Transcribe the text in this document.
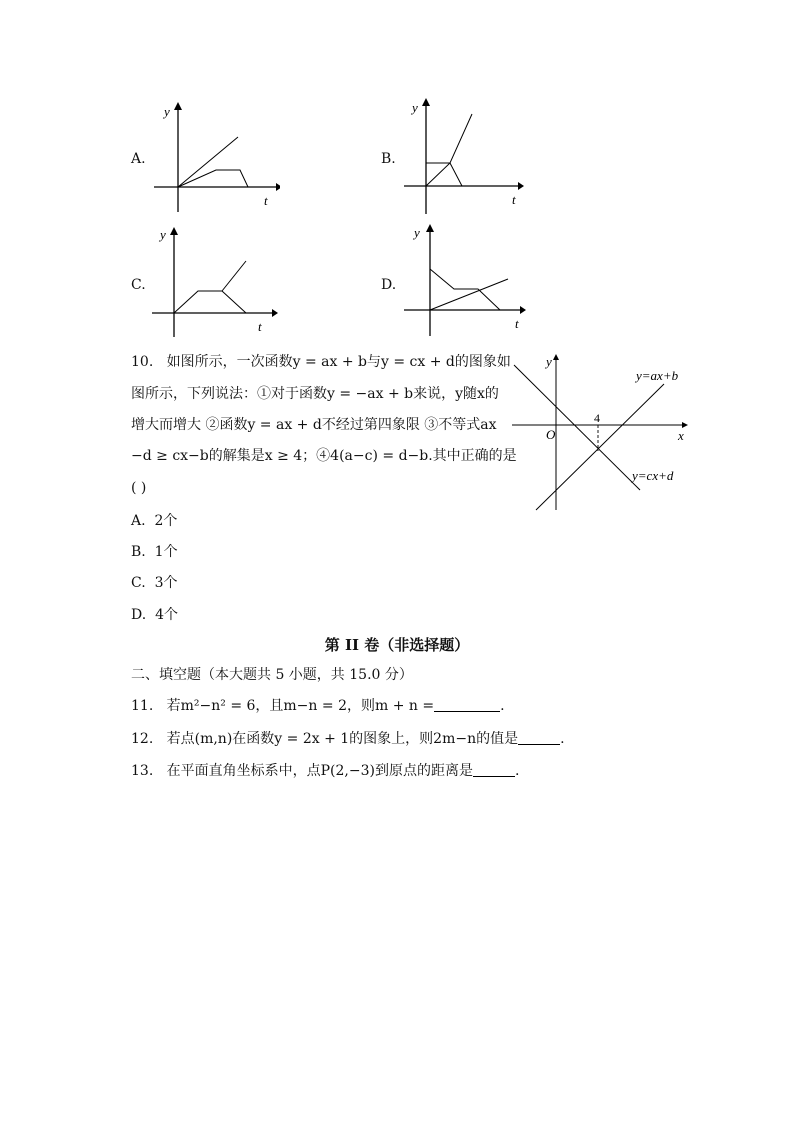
A.
y
t
B.
y
t
C.
y
t
D.
y
t
10. 如图所示，一次函数y = ax + b与y = cx + d的图象如
图所示，下列说法：①对于函数y = −ax + b来说，y随x的
增大而增大 ②函数y = ax + d不经过第四象限 ③不等式ax
−d ≥ cx−b的解集是x ≥ 4；④4(a−c) = d−b.其中正确的是
( )
y
x
O
4
y=ax+b
y=cx+d
A. 2个
B. 1个
C. 3个
D. 4个
第 II 卷（非选择题）
二、填空题（本大题共 5 小题，共 15.0 分）
11. 若m²−n² = 6，且m−n = 2，则m + n =	.
12. 若点(m,n)在函数y = 2x + 1的图象上，则2m−n的值是	.
13. 在平面直角坐标系中，点P(2,−3)到原点的距离是	.
